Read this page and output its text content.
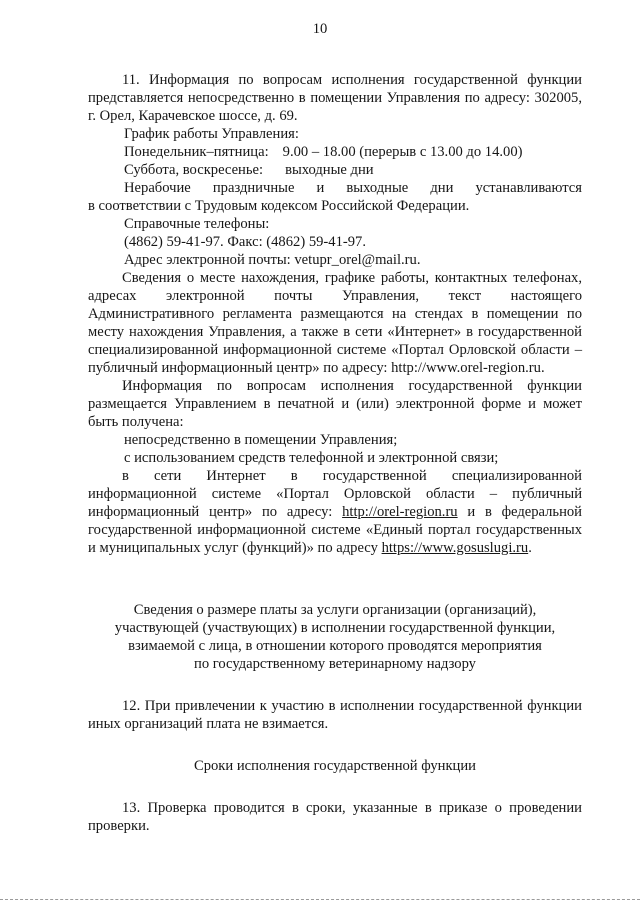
10

11. Информация по вопросам исполнения государственной функции представляется непосредственно в помещении Управления по адресу: 302005, г. Орел, Карачевское шоссе, д. 69.

График работы Управления:

Понедельник–пятница: 9.00 – 18.00 (перерыв с 13.00 до 14.00)

Суббота, воскресенье: выходные дни

Нерабочие праздничные и выходные дни устанавливаются

в соответствии с Трудовым кодексом Российской Федерации.

Справочные телефоны:

(4862) 59-41-97. Факс: (4862) 59-41-97.

Адрес электронной почты: vetupr_orel@mail.ru.

Сведения о месте нахождения, графике работы, контактных телефонах, адресах электронной почты Управления, текст настоящего Административного регламента размещаются на стендах в помещении по месту нахождения Управления, а также в сети «Интернет» в государственной специализированной информационной системе «Портал Орловской области – публичный информационный центр» по адресу: http://www.orel-region.ru.

Информация по вопросам исполнения государственной функции размещается Управлением в печатной и (или) электронной форме и может быть получена:

непосредственно в помещении Управления;

с использованием средств телефонной и электронной связи;

в сети Интернет в государственной специализированной информационной системе «Портал Орловской области – публичный информационный центр» по адресу: http://orel-region.ru и в федеральной государственной информационной системе «Единый портал государственных и муниципальных услуг (функций)» по адресу https://www.gosuslugi.ru.

Сведения о размере платы за услуги организации (организаций),

участвующей (участвующих) в исполнении государственной функции,

взимаемой с лица, в отношении которого проводятся мероприятия

по государственному ветеринарному надзору

12. При привлечении к участию в исполнении государственной функции иных организаций плата не взимается.

Сроки исполнения государственной функции

13. Проверка проводится в сроки, указанные в приказе о проведении проверки.
